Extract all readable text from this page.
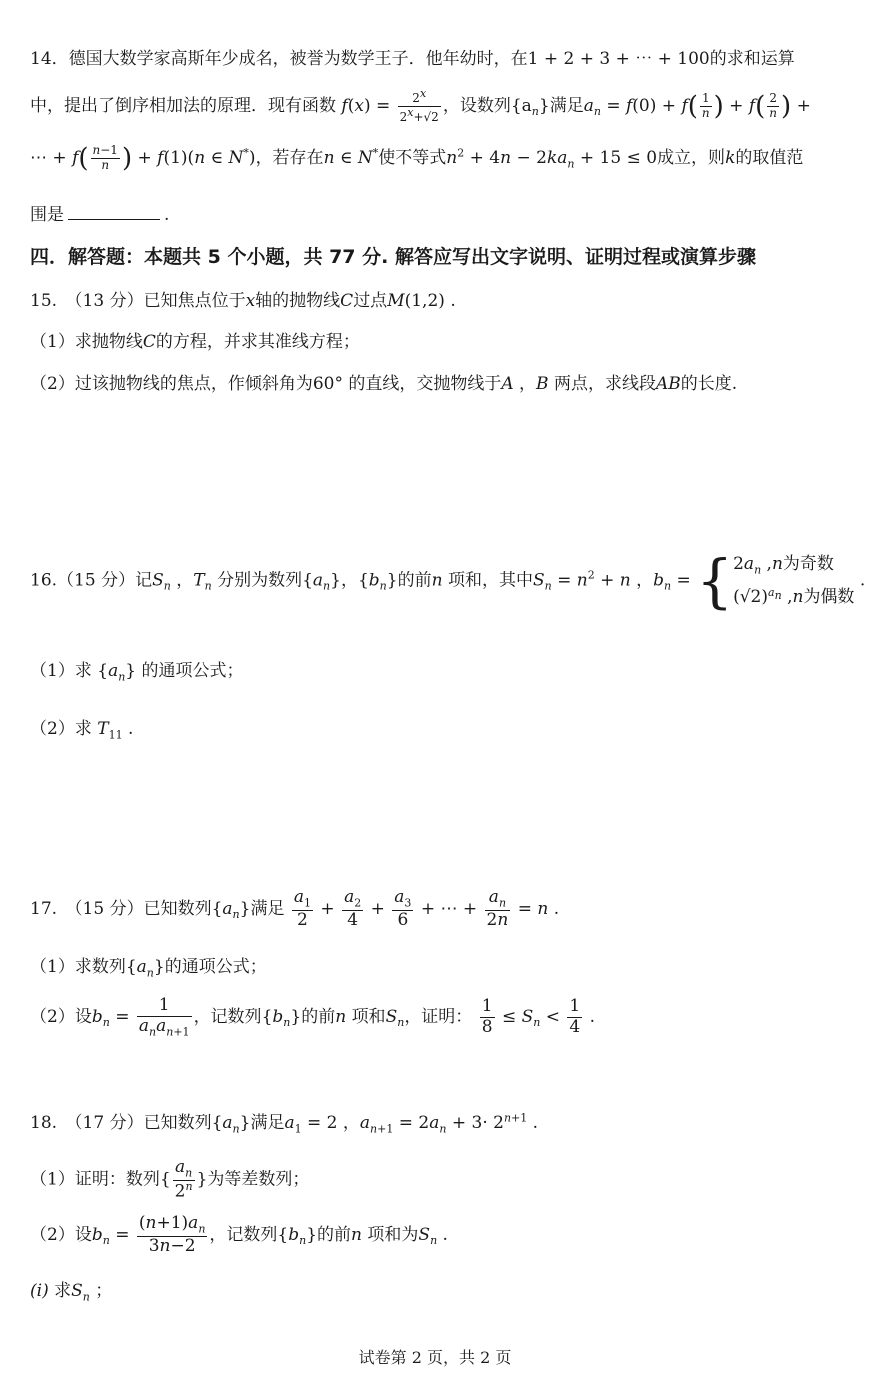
14．德国大数学家高斯年少成名，被誉为数学王子．他年幼时，在1 + 2 + 3 + ⋯ + 100的求和运算
中，提出了倒序相加法的原理．现有函数 $f(x) = \frac{2^x}{2^x+√2}$ ，设数列$\{a_n\}$满足$a_n = f(0) + f( \frac{1}{n}$ ) + $f( \frac{2}{n}$ ) +
⋯ + $f( \frac{n-1}{n}$ ) + f(1)(n ∈ N*)，若存在n ∈ N*使不等式$n^2 + 4n - 2ka_n + 15 \le 0$成立，则k的取值范
围是	.
四．解答题：本题共 5 个小题，共 77 分. 解答应写出文字说明、证明过程或演算步骤
15.　（13 分）已知焦点位于x轴的抛物线C过点M(1,2) .
（1）求抛物线C的方程，并求其准线方程；
（2）过该抛物线的焦点，作倾斜角为60° 的直线，交抛物线于A ，B 两点，求线段AB的长度.
16.（15 分）记$S_n$ ，$T_n$ 分别为数列$\{a_n\}$，$\{b_n\}$的前n 项和，其中$S_n = n^2 + n$ ，$b_n$ = { $2a_n$ ,n为奇数
$(√2)^{a_n}$ ,n为偶数
.
（1）求 $\{a_n\}$ 的通项公式；
（2）求 $T_{11}$ .
17.　（15 分）已知数列$\{a_n\}$满足 $\frac{a_1}{2} + \frac{a_2}{4} + \frac{a_3}{6}$ + ⋯ + $\frac{a_n}{2n} = n$ .
（1）求数列$\{a_n\}$的通项公式；
（2）设$b_n = \frac{1}{a_na_{n+1}}$ ，记数列$\{b_n\}$的前n 项和$S_n$，证明： $\frac{1}{8} \le S_n < \frac{1}{4}$ .
18.　（17 分）已知数列$\{a_n\}$满足$a_1 = 2$ ，$a_{n+1} = 2a_n + 3\cdot 2^{n+1}$ .
（1）证明：数列{ $\frac{a_n}{2^n}$ }为等差数列；
（2）设$b_n = \frac{(n+1)a_n}{3n-2}$ ，记数列$\{b_n\}$的前n 项和为$S_n$ .
(i) 求$S_n$ ；
试卷第 2 页，共 2 页
